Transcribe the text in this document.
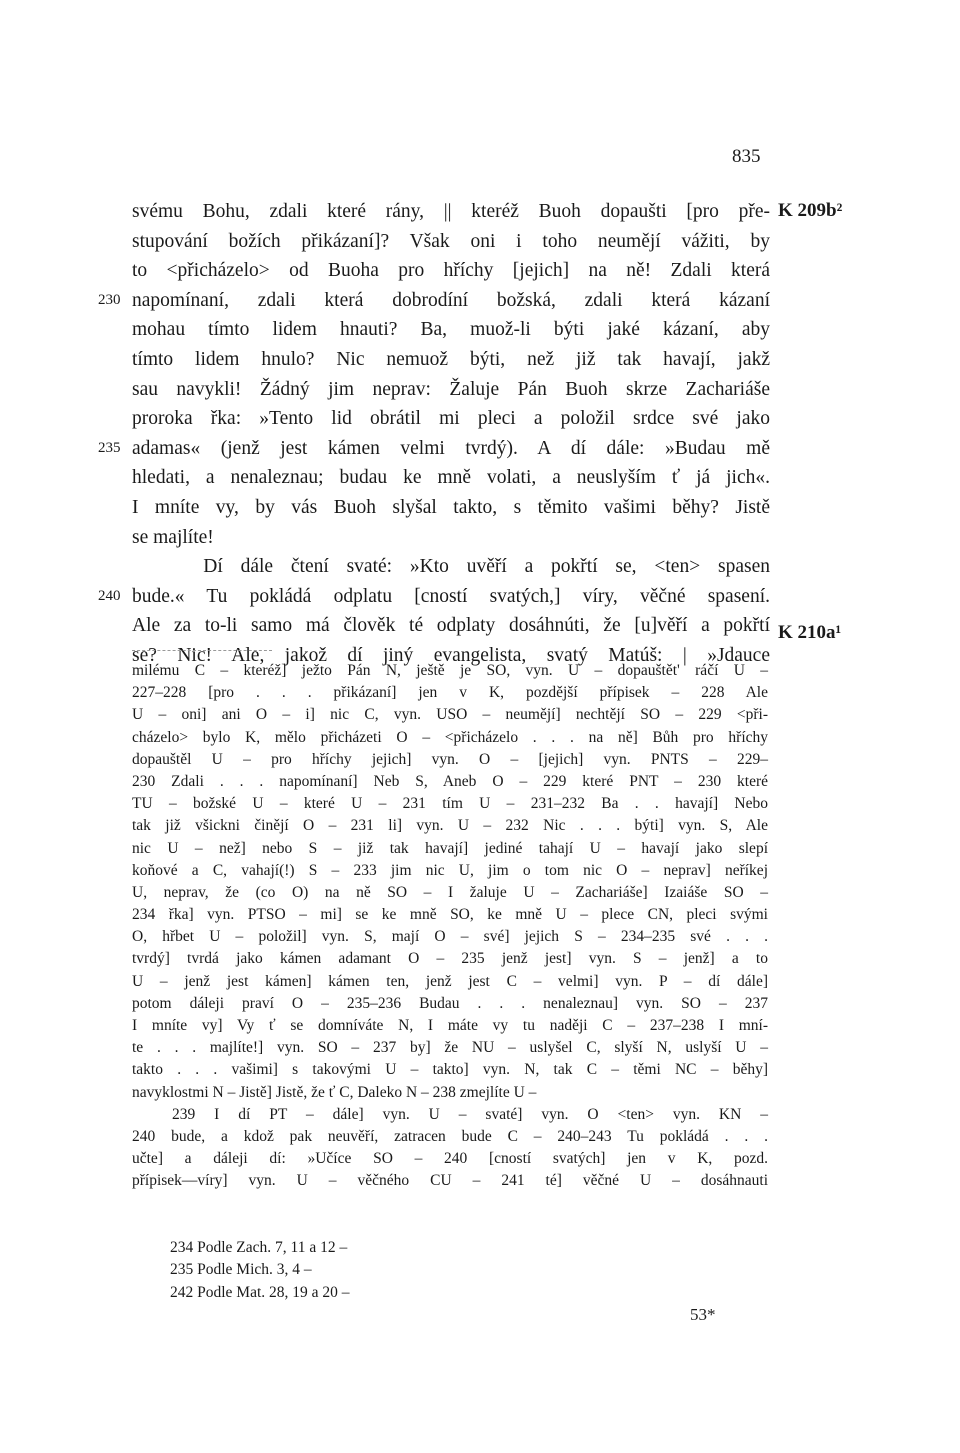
835
svému Bohu, zdali které rány, || kteréž Buoh dopaušti [pro pře-
stupování božích přikázaní]? Však oni i toho neumějí vážiti, by
to <přicházelo> od Buoha pro hříchy [jejich] na ně! Zdali která
230 napomínaní, zdali která dobrodíní božská, zdali která kázaní
mohau tímto lidem hnauti? Ba, muož-li býti jaké kázaní, aby
tímto lidem hnulo? Nic nemuož býti, než již tak havají, jakž
sau navykli! Žádný jim neprav: Žaluje Pán Buoh skrze Zachariáše
proroka řka: »Tento lid obrátil mi pleci a položil srdce své jako
235 adamas« (jenž jest kámen velmi tvrdý). A dí dále: »Budau mě
hledati, a nenaleznau; budau ke mně volati, a neuslyším ť já jich«.
I mníte vy, by vás Buoh slyšal takto, s těmito vašimi běhy? Jistě
se majlíte!
Dí dále čtení svaté: »Kto uvěří a pokřtí se, <ten> spasen
240 bude.« Tu pokládá odplatu [cností svatých,] víry, věčné spasení.
Ale za to-li samo má člověk té odplaty dosáhnúti, že [u]věří a pokřtí
se? Nic! Ale, jakož dí jiný evangelista, svatý Matúš: | »Jdauce
K 209b²
K 210a¹
milému C – kteréž] ježto Pán N, ještě je SO, vyn. U – dopauštět' ráčí U –
227–228 [pro . . . přikázaní] jen v K, pozdější přípisek – 228 Ale
U – oni] ani O – i] nic C, vyn. USO – neumějí] nechtějí SO – 229 <při-
cházelo> bylo K, mělo přicházeti O – <přicházelo . . . na ně] Bůh pro hříchy
dopauštěl U – pro hříchy jejich] vyn. O – [jejich] vyn. PNTS – 229–
230 Zdali . . . napomínaní] Neb S, Aneb O – 229 které PNT – 230 které
TU – božské U – které U – 231 tím U – 231–232 Ba . . havají] Nebo
tak již všickni činějí O – 231 li] vyn. U – 232 Nic . . . býti] vyn. S, Ale
nic U – než] nebo S – již tak havají] jediné tahají U – havají jako slepí
koňové a C, vahají(!) S – 233 jim nic U, jim o tom nic O – neprav] neříkej
U, neprav, že (co O) na ně SO – I žaluje U – Zachariáše] Izaiáše SO –
234 řka] vyn. PTSO – mi] se ke mně SO, ke mně U – plece CN, pleci svými
O, hřbet U – položil] vyn. S, mají O – své] jejich S – 234–235 své . . .
tvrdý] tvrdá jako kámen adamant O – 235 jenž jest] vyn. S – jenž] a to
U – jenž jest kámen] kámen ten, jenž jest C – velmi] vyn. P – dí dále]
potom dáleji praví O – 235–236 Budau . . . nenaleznau] vyn. SO – 237
I mníte vy] Vy ť se domníváte N, I máte vy tu naději C – 237–238 I mní-
te . . . majlíte!] vyn. SO – 237 by] že NU – uslyšel C, slyší N, uslyší U –
takto . . . vašimi] s takovými U – takto] vyn. N, tak C – těmi NC – běhy]
navyklostmi N – Jistě] Jistě, že ť C, Daleko N – 238 zmejlíte U –
239 I dí PT – dále] vyn. U – svaté] vyn. O <ten> vyn. KN –
240 bude, a kdož pak neuvěří, zatracen bude C – 240–243 Tu pokládá . . .
učte] a dáleji dí: »Učíce SO – 240 [cností svatých] jen v K, pozd.
přípisek—víry] vyn. U – věčného CU – 241 té] věčné U – dosáhnauti
234 Podle Zach. 7, 11 a 12 –
235 Podle Mich. 3, 4 –
242 Podle Mat. 28, 19 a 20 –
53*
